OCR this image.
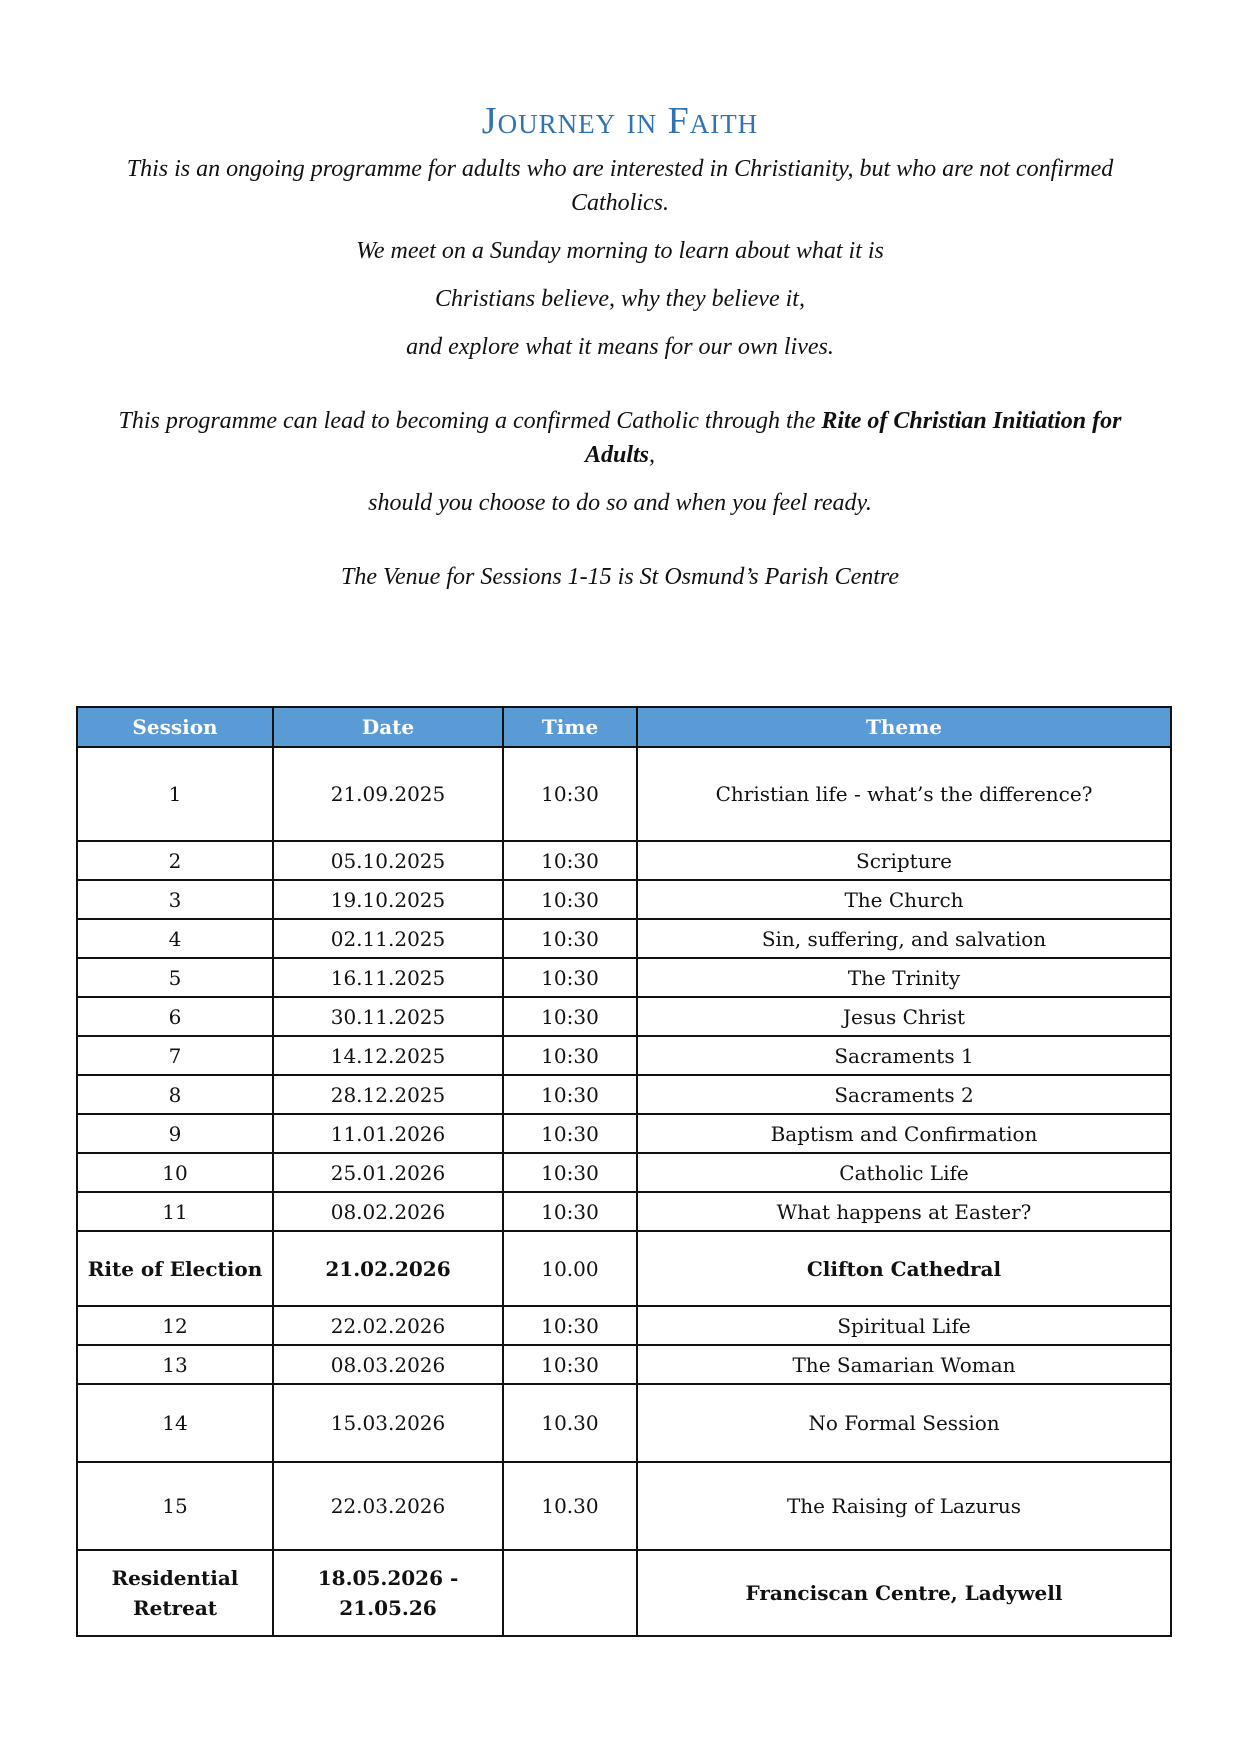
Journey in Faith

This is an ongoing programme for adults who are interested in Christianity, but who are not confirmed Catholics.

We meet on a Sunday morning to learn about what it is

Christians believe, why they believe it,

and explore what it means for our own lives.

This programme can lead to becoming a confirmed Catholic through the Rite of Christian Initiation for Adults,

should you choose to do so and when you feel ready.

The Venue for Sessions 1-15 is St Osmund’s Parish Centre

Session	Date	Time	Theme
1	21.09.2025	10:30	Christian life - what’s the difference?
2	05.10.2025	10:30	Scripture
3	19.10.2025	10:30	The Church
4	02.11.2025	10:30	Sin, suffering, and salvation
5	16.11.2025	10:30	The Trinity
6	30.11.2025	10:30	Jesus Christ
7	14.12.2025	10:30	Sacraments 1
8	28.12.2025	10:30	Sacraments 2
9	11.01.2026	10:30	Baptism and Confirmation
10	25.01.2026	10:30	Catholic Life
11	08.02.2026	10:30	What happens at Easter?
Rite of Election	21.02.2026	10.00	Clifton Cathedral
12	22.02.2026	10:30	Spiritual Life
13	08.03.2026	10:30	The Samarian Woman
14	15.03.2026	10.30	No Formal Session
15	22.03.2026	10.30	The Raising of Lazurus
Residential Retreat	18.05.2026 - 21.05.26		Franciscan Centre, Ladywell
